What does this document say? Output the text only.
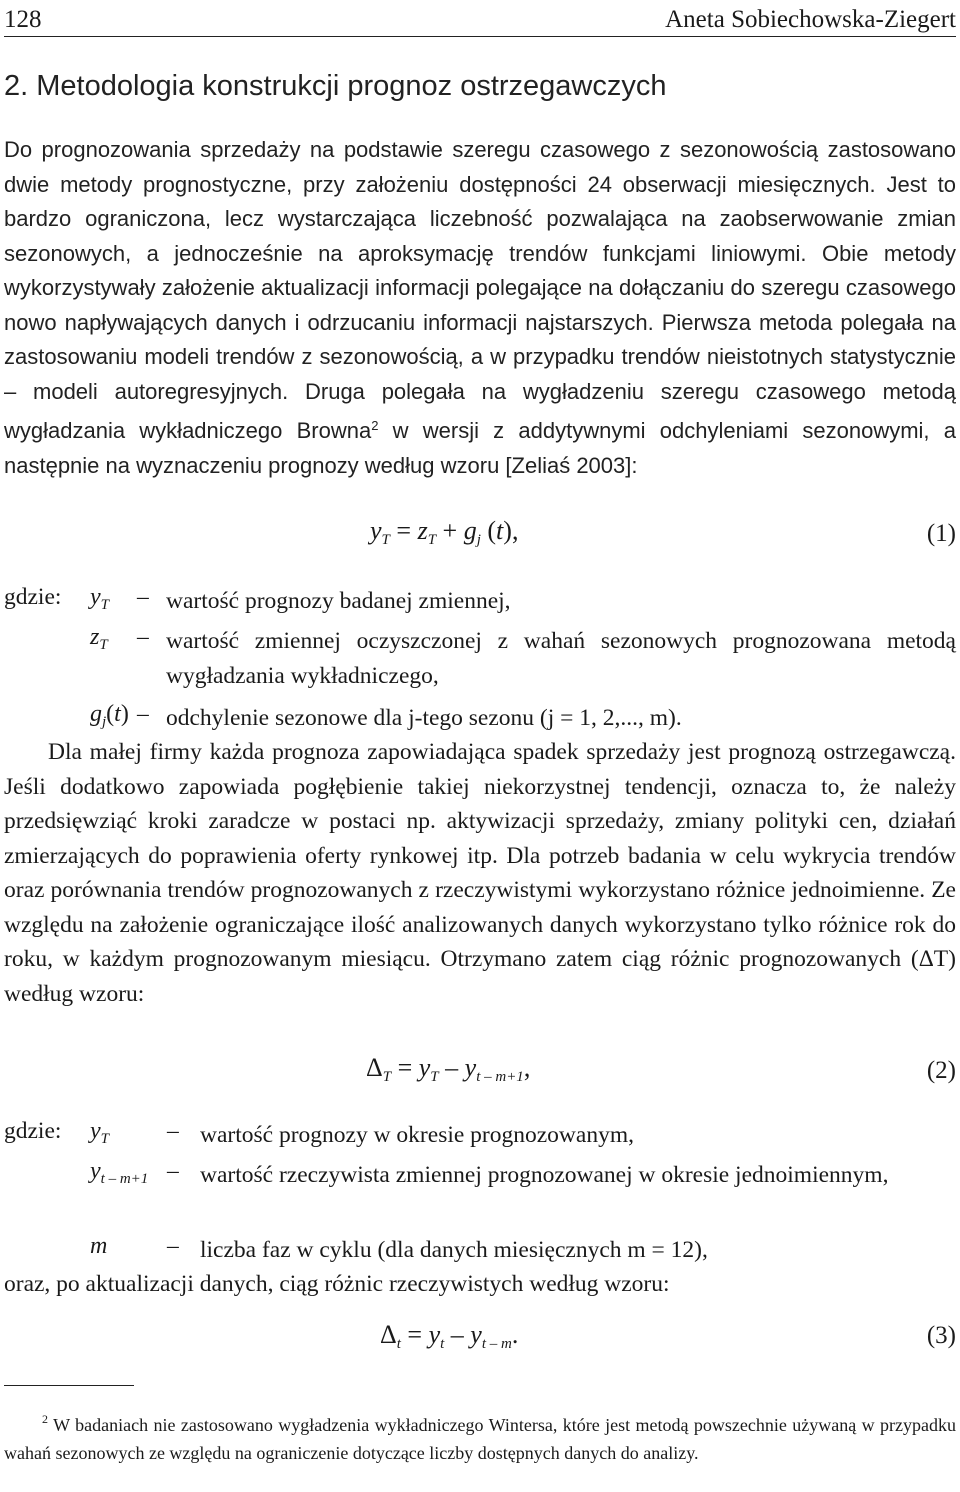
128	Aneta Sobiechowska-Ziegert
2. Metodologia konstrukcji prognoz ostrzegawczych
Do prognozowania sprzedaży na podstawie szeregu czasowego z sezonowością zastosowano dwie metody prognostyczne, przy założeniu dostępności 24 obserwacji miesięcznych. Jest to bardzo ograniczona, lecz wystarczająca liczebność pozwalająca na zaobserwowanie zmian sezonowych, a jednocześnie na aproksymację trendów funkcjami liniowymi. Obie metody wykorzystywały założenie aktualizacji informacji polegające na dołączaniu do szeregu czasowego nowo napływających danych i odrzucaniu informacji najstarszych. Pierwsza metoda polegała na zastosowaniu modeli trendów z sezonowością, a w przypadku trendów nieistotnych statystycznie – modeli autoregresyjnych. Druga polegała na wygładzeniu szeregu czasowego metodą wygładzania wykładniczego Browna$^2$ w wersji z addytywnymi odchyleniami sezonowymi, a następnie na wyznaczeniu prognozy według wzoru [Zeliaś 2003]:
$y_T = z_T + g_j$ (t),	(1)
gdzie: $y_T$ – wartość prognozy badanej zmiennej,
$z_T$ – wartość zmiennej oczyszczonej z wahań sezonowych prognozowana metodą wygładzania wykładniczego,
$g_j(t)$ – odchylenie sezonowe dla j-tego sezonu (j = 1, 2,..., m).
Dla małej firmy każda prognoza zapowiadająca spadek sprzedaży jest prognozą ostrzegawczą. Jeśli dodatkowo zapowiada pogłębienie takiej niekorzystnej tendencji, oznacza to, że należy przedsięwziąć kroki zaradcze w postaci np. aktywizacji sprzedaży, zmiany polityki cen, działań zmierzających do poprawienia oferty rynkowej itp. Dla potrzeb badania w celu wykrycia trendów oraz porównania trendów prognozowanych z rzeczywistymi wykorzystano różnice jednoimienne. Ze względu na założenie ograniczające ilość analizowanych danych wykorzystano tylko różnice rok do roku, w każdym prognozowanym miesiącu. Otrzymano zatem ciąg różnic prognozowanych (ΔT) według wzoru:
$\Delta_T = y_T - y_{t - m+1}$,	(2)
gdzie: $y_T$ – wartość prognozy w okresie prognozowanym,
$y_{t - m+1}$ – wartość rzeczywista zmiennej prognozowanej w okresie jednoimiennym,
m	– liczba faz w cyklu (dla danych miesięcznych m = 12),
oraz, po aktualizacji danych, ciąg różnic rzeczywistych według wzoru:
$\Delta_t = y_t - y_{t - m}$.	(3)
$^2$ W badaniach nie zastosowano wygładzenia wykładniczego Wintersa, które jest metodą powszechnie używaną w przypadku wahań sezonowych ze względu na ograniczenie dotyczące liczby dostępnych danych do analizy.
